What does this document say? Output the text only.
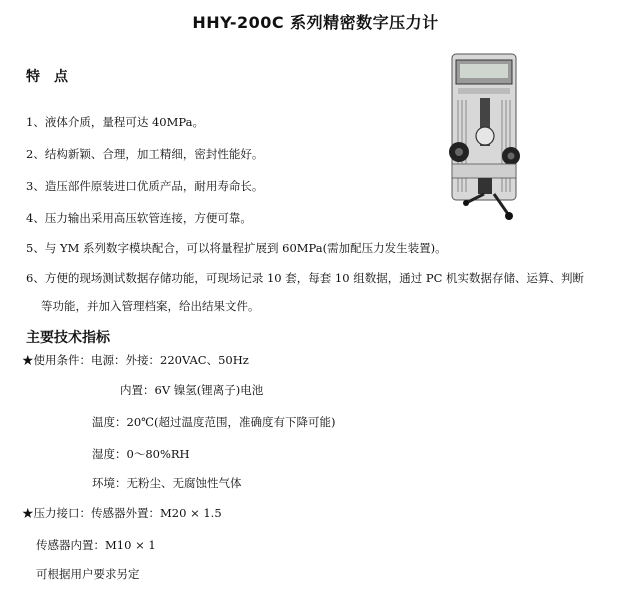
HHY-200C 系列精密数字压力计
特　点
1、液体介质，量程可达 40MPa。
2、结构新颖、合理，加工精细，密封性能好。
3、造压部件原装进口优质产品，耐用寿命长。
4、压力输出采用高压软管连接，方便可靠。
5、与 YM 系列数字模块配合，可以将量程扩展到 60MPa(需加配压力发生装置)。
6、方便的现场测试数据存储功能，可现场记录 10 套，每套 10 组数据，通过 PC 机实数据存储、运算、判断
等功能，并加入管理档案，给出结果文件。
主要技术指标
★使用条件：电源：外接：220VAC、50Hz
内置：6V 镍氢(锂离子)电池
温度：20℃(超过温度范围，准确度有下降可能)
湿度：0～80%RH
环境：无粉尘、无腐蚀性气体
★压力接口：传感器外置：M20 × 1.5
传感器内置：M10 × 1
可根据用户要求另定
